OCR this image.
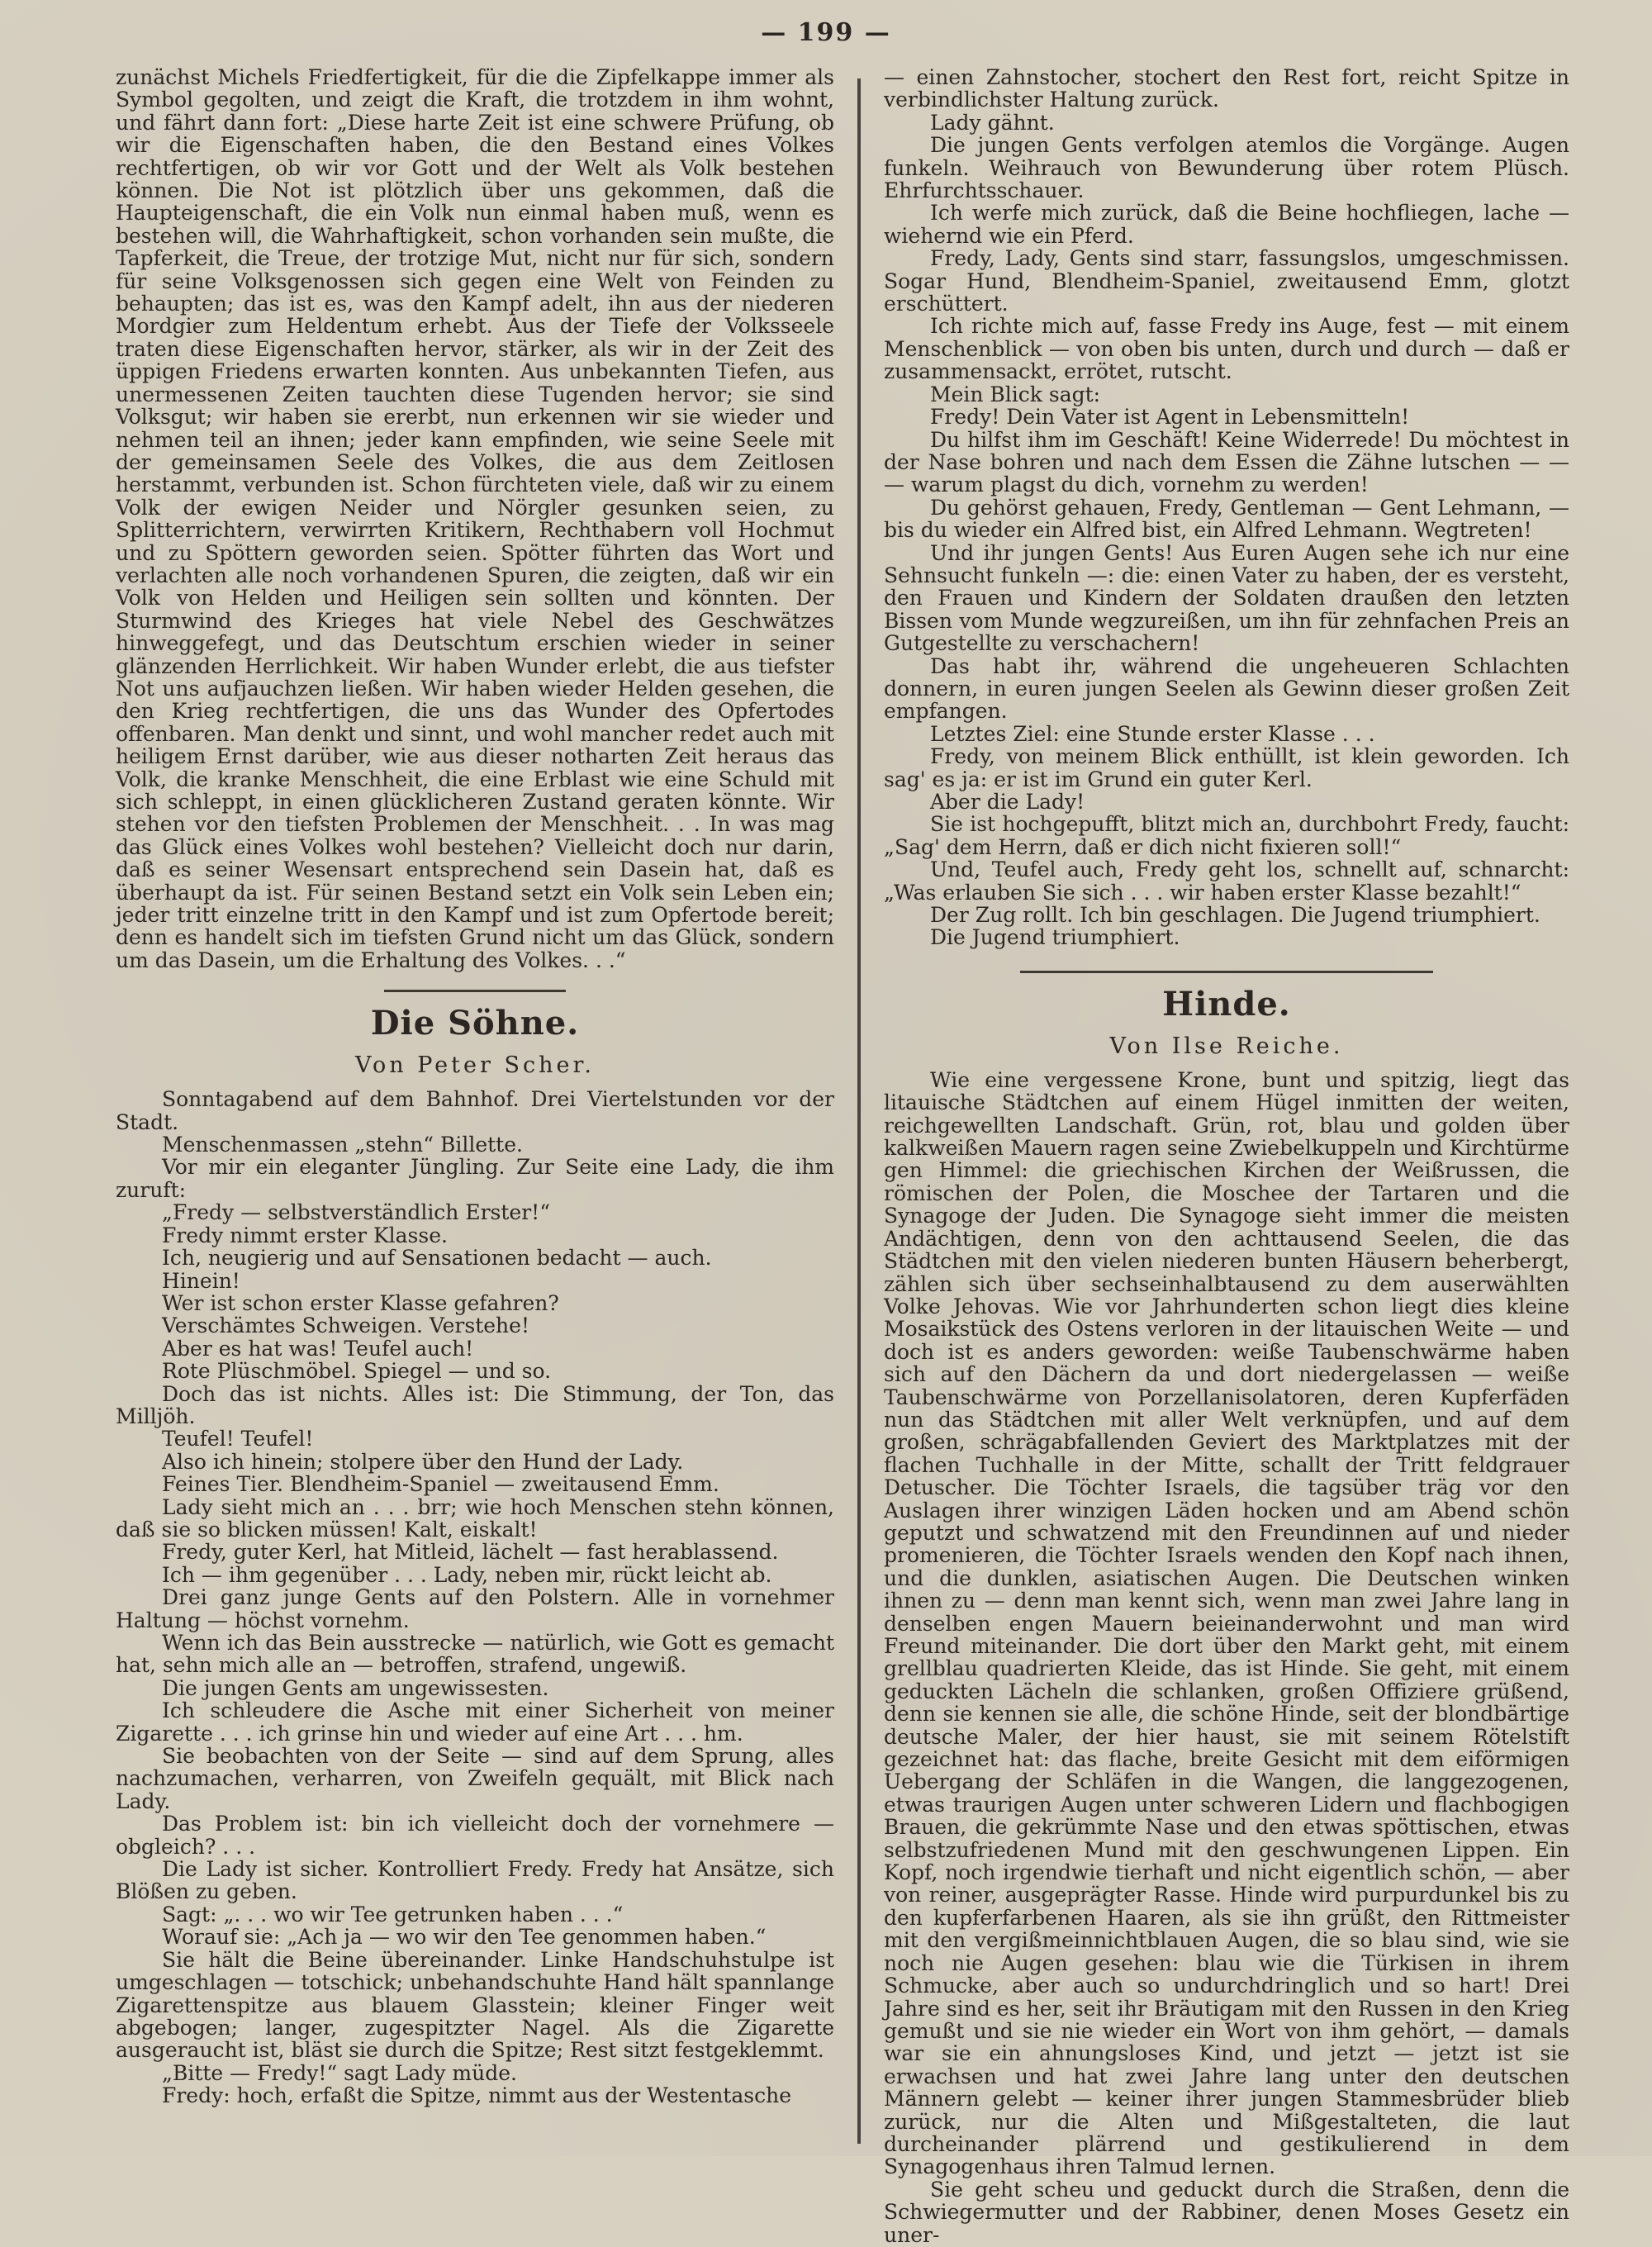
— 199 —

zunächst Michels Friedfertigkeit, für die die Zipfelkappe immer als Symbol gegolten, und zeigt die Kraft, die trotzdem in ihm wohnt, und fährt dann fort: „Diese harte Zeit ist eine schwere Prüfung, ob wir die Eigenschaften haben, die den Bestand eines Volkes rechtfertigen, ob wir vor Gott und der Welt als Volk bestehen können. Die Not ist plötzlich über uns gekommen, daß die Haupteigenschaft, die ein Volk nun einmal haben muß, wenn es bestehen will, die Wahrhaftigkeit, schon vorhanden sein mußte, die Tapferkeit, die Treue, der trotzige Mut, nicht nur für sich, sondern für seine Volksgenossen sich gegen eine Welt von Feinden zu behaupten; das ist es, was den Kampf adelt, ihn aus der niederen Mordgier zum Heldentum erhebt. Aus der Tiefe der Volksseele traten diese Eigenschaften hervor, stärker, als wir in der Zeit des üppigen Friedens erwarten konnten. Aus unbekannten Tiefen, aus unermessenen Zeiten tauchten diese Tugenden hervor; sie sind Volksgut; wir haben sie ererbt, nun erkennen wir sie wieder und nehmen teil an ihnen; jeder kann empfinden, wie seine Seele mit der gemeinsamen Seele des Volkes, die aus dem Zeitlosen herstammt, verbunden ist. Schon fürchteten viele, daß wir zu einem Volk der ewigen Neider und Nörgler gesunken seien, zu Splitterrichtern, verwirrten Kritikern, Rechthabern voll Hochmut und zu Spöttern geworden seien. Spötter führten das Wort und verlachten alle noch vorhandenen Spuren, die zeigten, daß wir ein Volk von Helden und Heiligen sein sollten und könnten. Der Sturmwind des Krieges hat viele Nebel des Geschwätzes hinweggefegt, und das Deutschtum erschien wieder in seiner glänzenden Herrlichkeit. Wir haben Wunder erlebt, die aus tiefster Not uns aufjauchzen ließen. Wir haben wieder Helden gesehen, die den Krieg rechtfertigen, die uns das Wunder des Opfertodes offenbaren. Man denkt und sinnt, und wohl mancher redet auch mit heiligem Ernst darüber, wie aus dieser notharten Zeit heraus das Volk, die kranke Menschheit, die eine Erblast wie eine Schuld mit sich schleppt, in einen glücklicheren Zustand geraten könnte. Wir stehen vor den tiefsten Problemen der Menschheit. . . In was mag das Glück eines Volkes wohl bestehen? Vielleicht doch nur darin, daß es seiner Wesensart entsprechend sein Dasein hat, daß es überhaupt da ist. Für seinen Bestand setzt ein Volk sein Leben ein; jeder tritt einzelne tritt in den Kampf und ist zum Opfertode bereit; denn es handelt sich im tiefsten Grund nicht um das Glück, sondern um das Dasein, um die Erhaltung des Volkes. . .“

Die Söhne.
Von Peter Scher.

Sonntagabend auf dem Bahnhof. Drei Viertelstunden vor der Stadt.

Menschenmassen „stehn“ Billette.

Vor mir ein eleganter Jüngling. Zur Seite eine Lady, die ihm zuruft:

„Fredy — selbstverständlich Erster!“

Fredy nimmt erster Klasse.

Ich, neugierig und auf Sensationen bedacht — auch.

Hinein!

Wer ist schon erster Klasse gefahren?

Verschämtes Schweigen. Verstehe!

Aber es hat was! Teufel auch!

Rote Plüschmöbel. Spiegel — und so.

Doch das ist nichts. Alles ist: Die Stimmung, der Ton, das Milljöh.

Teufel! Teufel!

Also ich hinein; stolpere über den Hund der Lady.

Feines Tier. Blendheim-Spaniel — zweitausend Emm.

Lady sieht mich an . . . brr; wie hoch Menschen stehn können, daß sie so blicken müssen! Kalt, eiskalt!

Fredy, guter Kerl, hat Mitleid, lächelt — fast herablassend.

Ich — ihm gegenüber . . . Lady, neben mir, rückt leicht ab.

Drei ganz junge Gents auf den Polstern. Alle in vornehmer Haltung — höchst vornehm.

Wenn ich das Bein ausstrecke — natürlich, wie Gott es gemacht hat, sehn mich alle an — betroffen, strafend, ungewiß.

Die jungen Gents am ungewissesten.

Ich schleudere die Asche mit einer Sicherheit von meiner Zigarette . . . ich grinse hin und wieder auf eine Art . . . hm.

Sie beobachten von der Seite — sind auf dem Sprung, alles nachzumachen, verharren, von Zweifeln gequält, mit Blick nach Lady.

Das Problem ist: bin ich vielleicht doch der vornehmere — obgleich? . . .

Die Lady ist sicher. Kontrolliert Fredy. Fredy hat Ansätze, sich Blößen zu geben.

Sagt: „. . . wo wir Tee getrunken haben . . .“

Worauf sie: „Ach ja — wo wir den Tee genommen haben.“

Sie hält die Beine übereinander. Linke Handschuhstulpe ist umgeschlagen — totschick; unbehandschuhte Hand hält spannlange Zigarettenspitze aus blauem Glasstein; kleiner Finger weit abgebogen; langer, zugespitzter Nagel. Als die Zigarette ausgeraucht ist, bläst sie durch die Spitze; Rest sitzt festgeklemmt.

„Bitte — Fredy!“ sagt Lady müde.

Fredy: hoch, erfaßt die Spitze, nimmt aus der Westentasche

— einen Zahnstocher, stochert den Rest fort, reicht Spitze in verbindlichster Haltung zurück.

Lady gähnt.

Die jungen Gents verfolgen atemlos die Vorgänge. Augen funkeln. Weihrauch von Bewunderung über rotem Plüsch. Ehrfurchtsschauer.

Ich werfe mich zurück, daß die Beine hochfliegen, lache — wiehernd wie ein Pferd.

Fredy, Lady, Gents sind starr, fassungslos, umgeschmissen. Sogar Hund, Blendheim-Spaniel, zweitausend Emm, glotzt erschüttert.

Ich richte mich auf, fasse Fredy ins Auge, fest — mit einem Menschenblick — von oben bis unten, durch und durch — daß er zusammensackt, errötet, rutscht.

Mein Blick sagt:

Fredy! Dein Vater ist Agent in Lebensmitteln!

Du hilfst ihm im Geschäft! Keine Widerrede! Du möchtest in der Nase bohren und nach dem Essen die Zähne lutschen — — — warum plagst du dich, vornehm zu werden!

Du gehörst gehauen, Fredy, Gentleman — Gent Lehmann, — bis du wieder ein Alfred bist, ein Alfred Lehmann. Wegtreten!

Und ihr jungen Gents! Aus Euren Augen sehe ich nur eine Sehnsucht funkeln —: die: einen Vater zu haben, der es versteht, den Frauen und Kindern der Soldaten draußen den letzten Bissen vom Munde wegzureißen, um ihn für zehnfachen Preis an Gutgestellte zu verschachern!

Das habt ihr, während die ungeheueren Schlachten donnern, in euren jungen Seelen als Gewinn dieser großen Zeit empfangen.

Letztes Ziel: eine Stunde erster Klasse . . .

Fredy, von meinem Blick enthüllt, ist klein geworden. Ich sag' es ja: er ist im Grund ein guter Kerl.

Aber die Lady!

Sie ist hochgepufft, blitzt mich an, durchbohrt Fredy, faucht: „Sag' dem Herrn, daß er dich nicht fixieren soll!“

Und, Teufel auch, Fredy geht los, schnellt auf, schnarcht: „Was erlauben Sie sich . . . wir haben erster Klasse bezahlt!“

Der Zug rollt. Ich bin geschlagen. Die Jugend triumphiert.

Die Jugend triumphiert.

Hinde.
Von Ilse Reiche.

Wie eine vergessene Krone, bunt und spitzig, liegt das litauische Städtchen auf einem Hügel inmitten der weiten, reichgewellten Landschaft. Grün, rot, blau und golden über kalkweißen Mauern ragen seine Zwiebelkuppeln und Kirchtürme gen Himmel: die griechischen Kirchen der Weißrussen, die römischen der Polen, die Moschee der Tartaren und die Synagoge der Juden. Die Synagoge sieht immer die meisten Andächtigen, denn von den achttausend Seelen, die das Städtchen mit den vielen niederen bunten Häusern beherbergt, zählen sich über sechseinhalbtausend zu dem auserwählten Volke Jehovas. Wie vor Jahrhunderten schon liegt dies kleine Mosaikstück des Ostens verloren in der litauischen Weite — und doch ist es anders geworden: weiße Taubenschwärme haben sich auf den Dächern da und dort niedergelassen — weiße Taubenschwärme von Porzellanisolatoren, deren Kupferfäden nun das Städtchen mit aller Welt verknüpfen, und auf dem großen, schrägabfallenden Geviert des Marktplatzes mit der flachen Tuchhalle in der Mitte, schallt der Tritt feldgrauer Detuscher. Die Töchter Israels, die tagsüber träg vor den Auslagen ihrer winzigen Läden hocken und am Abend schön geputzt und schwatzend mit den Freundinnen auf und nieder promenieren, die Töchter Israels wenden den Kopf nach ihnen, und die dunklen, asiatischen Augen. Die Deutschen winken ihnen zu — denn man kennt sich, wenn man zwei Jahre lang in denselben engen Mauern beieinanderwohnt und man wird Freund miteinander. Die dort über den Markt geht, mit einem grellblau quadrierten Kleide, das ist Hinde. Sie geht, mit einem geduckten Lächeln die schlanken, großen Offiziere grüßend, denn sie kennen sie alle, die schöne Hinde, seit der blondbärtige deutsche Maler, der hier haust, sie mit seinem Rötelstift gezeichnet hat: das flache, breite Gesicht mit dem eiförmigen Uebergang der Schläfen in die Wangen, die langgezogenen, etwas traurigen Augen unter schweren Lidern und flachbogigen Brauen, die gekrümmte Nase und den etwas spöttischen, etwas selbstzufriedenen Mund mit den geschwungenen Lippen. Ein Kopf, noch irgendwie tierhaft und nicht eigentlich schön, — aber von reiner, ausgeprägter Rasse. Hinde wird purpurdunkel bis zu den kupferfarbenen Haaren, als sie ihn grüßt, den Rittmeister mit den vergißmeinnichtblauen Augen, die so blau sind, wie sie noch nie Augen gesehen: blau wie die Türkisen in ihrem Schmucke, aber auch so undurchdringlich und so hart! Drei Jahre sind es her, seit ihr Bräutigam mit den Russen in den Krieg gemußt und sie nie wieder ein Wort von ihm gehört, — damals war sie ein ahnungsloses Kind, und jetzt — jetzt ist sie erwachsen und hat zwei Jahre lang unter den deutschen Männern gelebt — keiner ihrer jungen Stammesbrüder blieb zurück, nur die Alten und Mißgestalteten, die laut durcheinander plärrend und gestikulierend in dem Synagogenhaus ihren Talmud lernen.

Sie geht scheu und geduckt durch die Straßen, denn die Schwiegermutter und der Rabbiner, denen Moses Gesetz ein uner-
